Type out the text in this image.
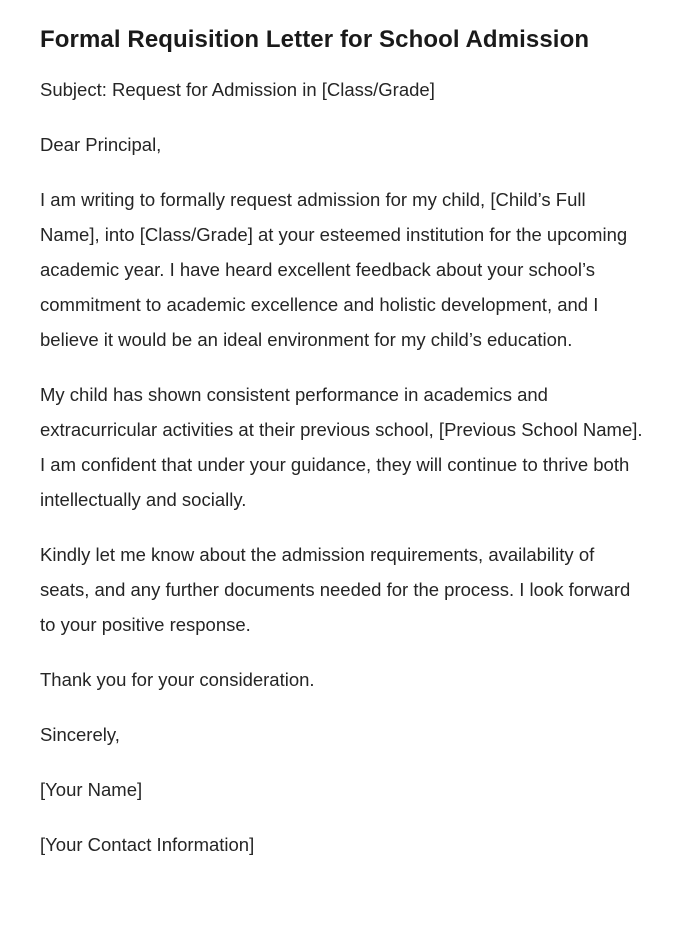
Formal Requisition Letter for School Admission

Subject: Request for Admission in [Class/Grade]

Dear Principal,

I am writing to formally request admission for my child, [Child’s Full Name], into [Class/Grade] at your esteemed institution for the upcoming academic year. I have heard excellent feedback about your school’s commitment to academic excellence and holistic development, and I believe it would be an ideal environment for my child’s education.

My child has shown consistent performance in academics and extracurricular activities at their previous school, [Previous School Name]. I am confident that under your guidance, they will continue to thrive both intellectually and socially.

Kindly let me know about the admission requirements, availability of seats, and any further documents needed for the process. I look forward to your positive response.

Thank you for your consideration.

Sincerely,

[Your Name]

[Your Contact Information]
